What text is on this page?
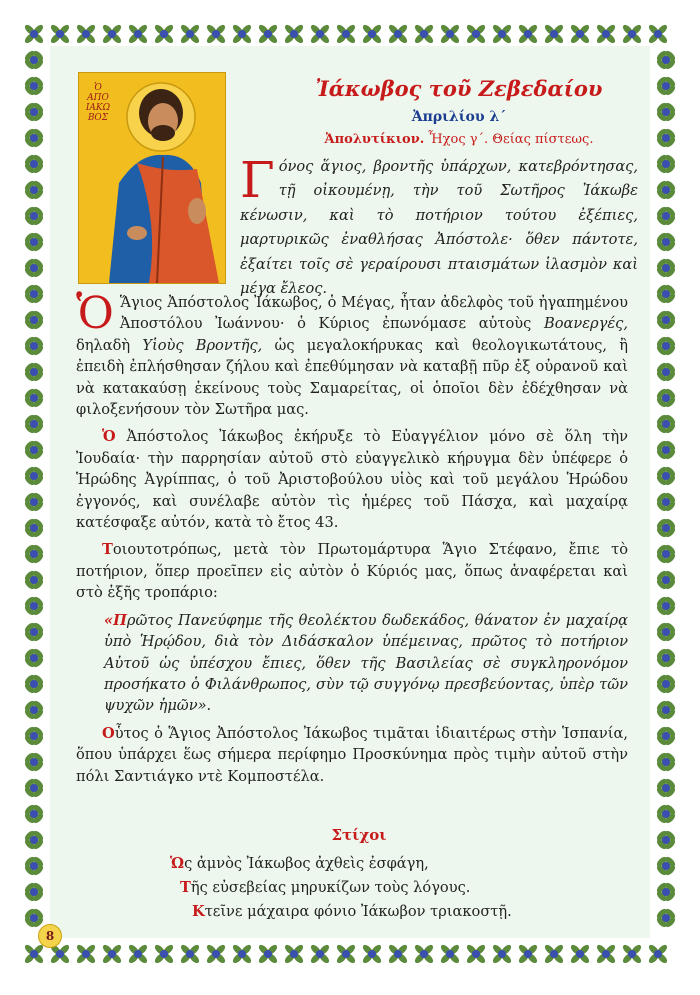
Ὁ ΑΠΟ ΙΑΚΩ ΒΟΣ
Ἰάκωβος τοῦ Ζεβεδαίου
Ἀπριλίου λ΄
Ἀπολυτίκιον. Ἦχος γ΄. Θείας πίστεως.
Γόνος ἅγιος, βροντῆς ὑπάρχων, κατεβρόντησας, τῇ οἰκουμένῃ, τὴν τοῦ Σωτῆρος Ἰάκωβε κένωσιν, καὶ τὸ ποτήριον τούτου ἐξέπιες, μαρτυρικῶς ἐναθλήσας Ἀπόστολε· ὅθεν πάντοτε, ἐξαίτει τοῖς σὲ γεραίρουσι πταισμάτων ἱλασμὸν καὶ μέγα ἔλεος.

Ὁ Ἅγιος Ἀπόστολος Ἰάκωβος, ὁ Μέγας, ἦταν ἀδελφὸς τοῦ ἠγαπημένου Ἀποστόλου Ἰωάννου· ὁ Κύριος ἐπωνόμασε αὐτοὺς Βοανεργές, δηλαδὴ Υἱοὺς Βροντῆς, ὡς μεγαλοκήρυκας καὶ θεολογικωτάτους, ἢ ἐπειδὴ ἐπλήσθησαν ζήλου καὶ ἐπεθύμησαν νὰ καταβῇ πῦρ ἐξ οὐρανοῦ καὶ νὰ κατακαύσῃ ἐκείνους τοὺς Σαμαρείτας, οἱ ὁποῖοι δὲν ἐδέχθησαν νὰ φιλοξενήσουν τὸν Σωτῆρα μας.

Ὁ Ἀπόστολος Ἰάκωβος ἐκήρυξε τὸ Εὐαγγέλιον μόνο σὲ ὅλη τὴν Ἰουδαία· τὴν παρρησίαν αὐτοῦ στὸ εὐαγγελικὸ κήρυγμα δὲν ὑπέφερε ὁ Ἡρώδης Ἀγρίππας, ὁ τοῦ Ἀριστοβούλου υἱὸς καὶ τοῦ μεγάλου Ἡρώδου ἐγγονός, καὶ συνέλαβε αὐτὸν τὶς ἡμέρες τοῦ Πάσχα, καὶ μαχαίρᾳ κατέσφαξε αὐτόν, κατὰ τὸ ἔτος 43.

Τοιουτοτρόπως, μετὰ τὸν Πρωτομάρτυρα Ἅγιο Στέφανο, ἔπιε τὸ ποτήριον, ὅπερ προεῖπεν εἰς αὐτὸν ὁ Κύριός μας, ὅπως ἀναφέρεται καὶ στὸ ἑξῆς τροπάριο:

«Πρῶτος Πανεύφημε τῆς θεολέκτου δωδεκάδος, θάνατον ἐν μαχαίρᾳ ὑπὸ Ἡρῴδου, διὰ τὸν Διδάσκαλον ὑπέμεινας, πρῶτος τὸ ποτήριον Αὐτοῦ ὡς ὑπέσχου ἔπιες, ὅθεν τῆς Βασιλείας σὲ συγκληρονόμον προσήκατο ὁ Φιλάνθρωπος, σὺν τῷ συγγόνῳ πρεσβεύοντας, ὑπὲρ τῶν ψυχῶν ἡμῶν».

Οὗτος ὁ Ἅγιος Ἀπόστολος Ἰάκωβος τιμᾶται ἰδιαιτέρως στὴν Ἱσπανία, ὅπου ὑπάρχει ἕως σήμερα περίφημο Προσκύνημα πρὸς τιμὴν αὐτοῦ στὴν πόλι Σαντιάγκο ντὲ Κομποστέλα.

Στίχοι
Ὡς ἀμνὸς Ἰάκωβος ἀχθεὶς ἐσφάγη,
Τῆς εὐσεβείας μηρυκίζων τοὺς λόγους.
Κτεῖνε μάχαιρα φόνιο Ἰάκωβον τριακοστῇ.
8
